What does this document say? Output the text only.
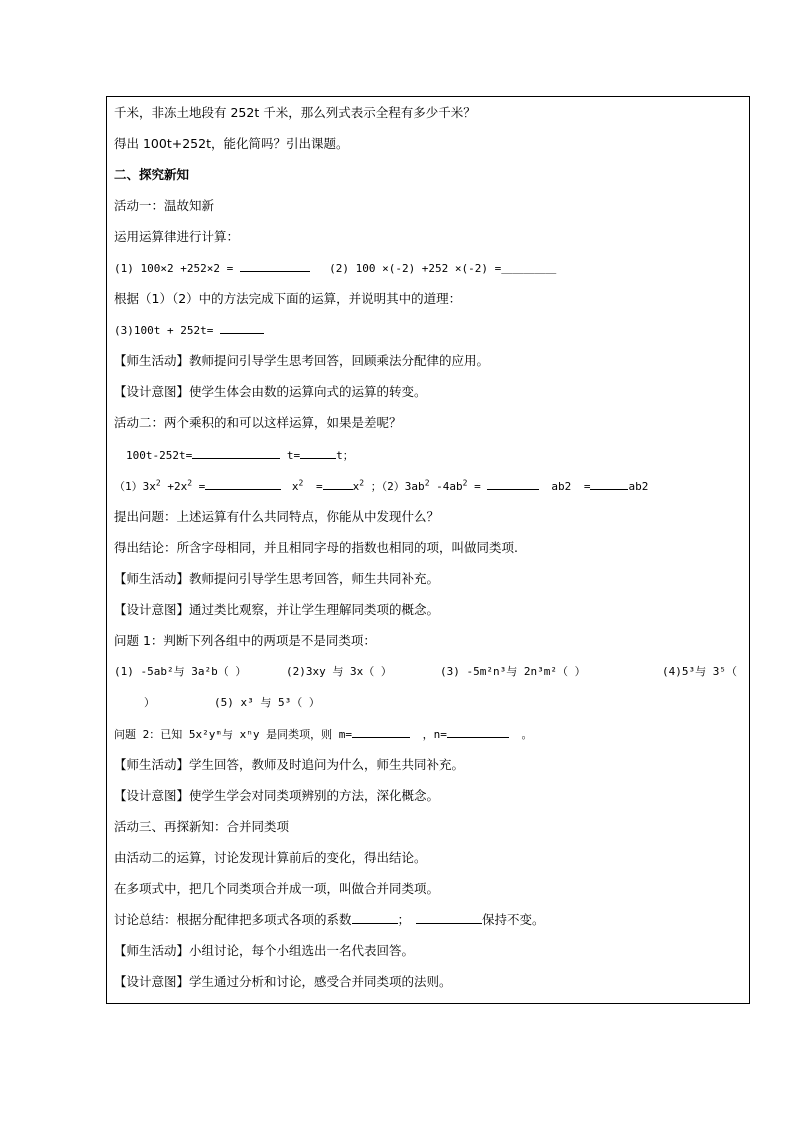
千米，非冻土地段有 252t 千米，那么列式表示全程有多少千米？
得出 100t+252t，能化简吗？引出课题。
二、探究新知
活动一：温故知新
运用运算律进行计算：
(1) 100×2 +252×2 =	(2) 100 ×(-2) +252 ×(-2) =＿＿＿＿＿
根据（1）（2）中的方法完成下面的运算，并说明其中的道理：
(3)100t + 252t=
【师生活动】教师提问引导学生思考回答，回顾乘法分配律的应用。
【设计意图】使学生体会由数的运算向式的运算的转变。
活动二：两个乘积的和可以这样运算，如果是差呢？
100t-252t=	t=	t；
$(1)3x^2 +2x^2$ =	$x^2$ =	$x^2$ ；$(2)3ab^2$ $-4ab^2$ =	ab2 =	ab2
提出问题：上述运算有什么共同特点，你能从中发现什么？
得出结论：所含字母相同，并且相同字母的指数也相同的项，叫做同类项.
【师生活动】教师提问引导学生思考回答，师生共同补充。
【设计意图】通过类比观察，并让学生理解同类项的概念。
问题 1：判断下列各组中的两项是不是同类项：
(1) -5ab²与 3a²b（ ）	(2)3xy 与 3x（ ）	(3) -5m²n³与 2n³m²（ ）	(4)5³与 3⁵（
）	(5) x³ 与 5³（ ）
问题 2：已知 5x²yᵐ与 xⁿy 是同类项，则 m=	，n=	。
【师生活动】学生回答，教师及时追问为什么，师生共同补充。
【设计意图】使学生学会对同类项辨别的方法，深化概念。
活动三、再探新知：合并同类项
由活动二的运算，讨论发现计算前后的变化，得出结论。
在多项式中，把几个同类项合并成一项，叫做合并同类项。
讨论总结：根据分配律把多项式各项的系数	；	保持不变。
【师生活动】小组讨论，每个小组选出一名代表回答。
【设计意图】学生通过分析和讨论，感受合并同类项的法则。
